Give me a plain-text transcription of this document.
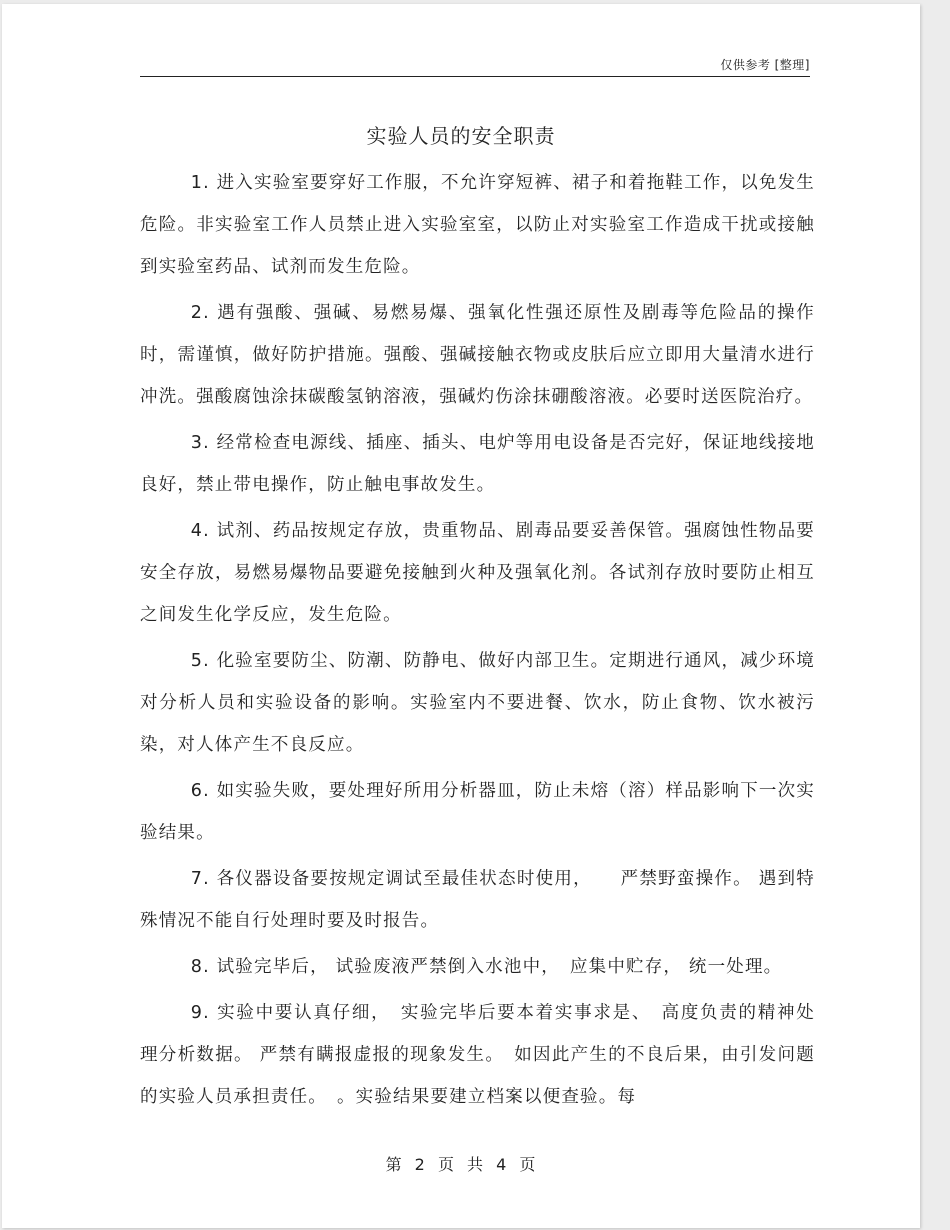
仅供参考 [整理]
实验人员的安全职责

1. 进入实验室要穿好工作服，不允许穿短裤、裙子和着拖鞋工作，以免发生危险。非实验室工作人员禁止进入实验室室，以防止对实验室工作造成干扰或接触到实验室药品、试剂而发生危险。

2. 遇有强酸、强碱、易燃易爆、强氧化性强还原性及剧毒等危险品的操作时，需谨慎，做好防护措施。强酸、强碱接触衣物或皮肤后应立即用大量清水进行冲洗。强酸腐蚀涂抹碳酸氢钠溶液，强碱灼伤涂抹硼酸溶液。必要时送医院治疗。

3. 经常检查电源线、插座、插头、电炉等用电设备是否完好，保证地线接地良好，禁止带电操作，防止触电事故发生。

4. 试剂、药品按规定存放，贵重物品、剧毒品要妥善保管。强腐蚀性物品要安全存放，易燃易爆物品要避免接触到火种及强氧化剂。各试剂存放时要防止相互之间发生化学反应，发生危险。

5. 化验室要防尘、防潮、防静电、做好内部卫生。定期进行通风，减少环境对分析人员和实验设备的影响。实验室内不要进餐、饮水，防止食物、饮水被污染，对人体产生不良反应。

6. 如实验失败，要处理好所用分析器皿，防止未熔（溶）样品影响下一次实验结果。

7. 各仪器设备要按规定调试至最佳状态时使用，　　严禁野蛮操作。 遇到特殊情况不能自行处理时要及时报告。

8. 试验完毕后， 试验废液严禁倒入水池中，　应集中贮存， 统一处理。

9. 实验中要认真仔细，　实验完毕后要本着实事求是、　高度负责的精神处理分析数据。 严禁有瞒报虚报的现象发生。　如因此产生的不良后果，由引发问题的实验人员承担责任。　。实验结果要建立档案以便查验。每

第 2 页 共 4 页
